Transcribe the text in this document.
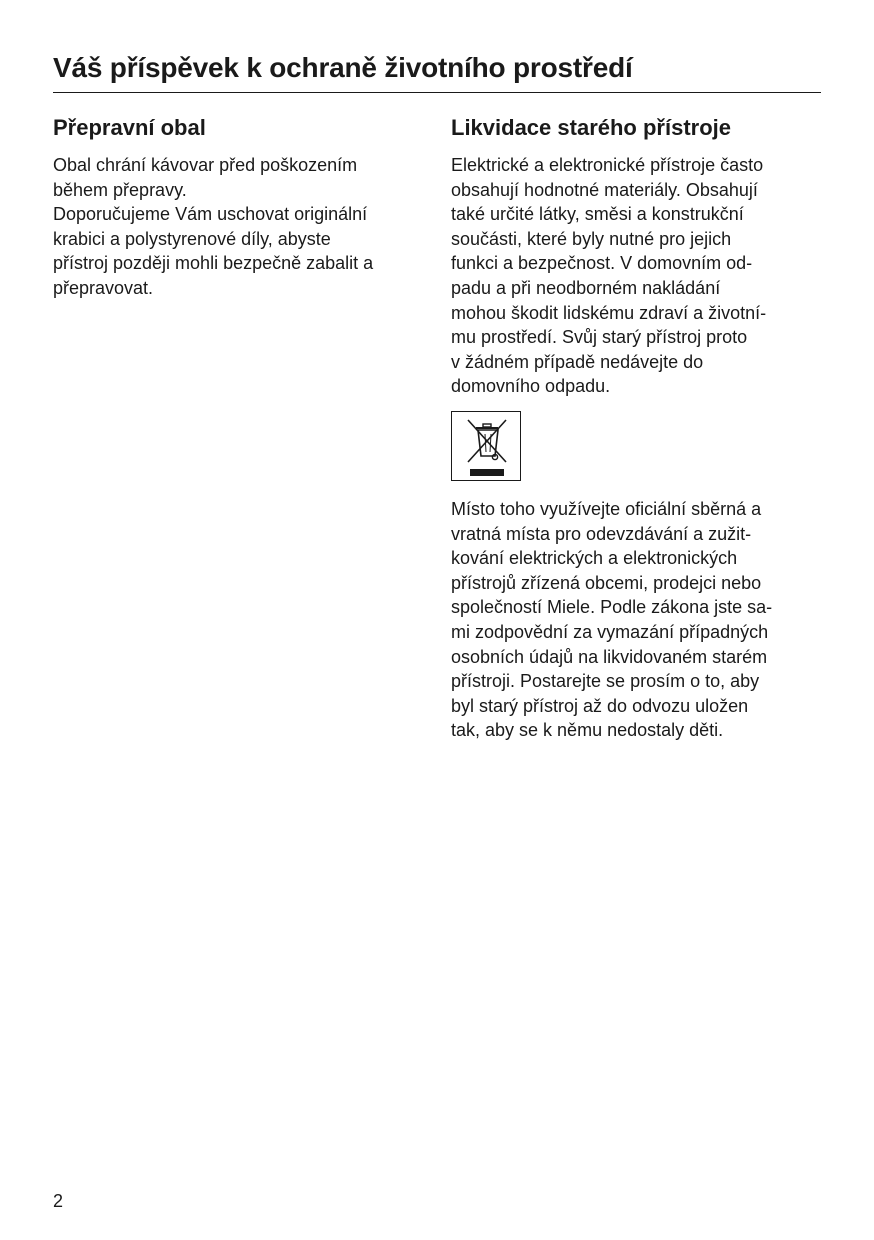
Váš příspěvek k ochraně životního prostředí
Přepravní obal

Obal chrání kávovar před poškozením
během přepravy.
Doporučujeme Vám uschovat originální
krabici a polystyrenové díly, abyste
přístroj později mohli bezpečně zabalit a
přepravovat.

Likvidace starého přístroje

Elektrické a elektronické přístroje často
obsahují hodnotné materiály. Obsahují
také určité látky, směsi a konstrukční
součásti, které byly nutné pro jejich
funkci a bezpečnost. V domovním od-
padu a při neodborném nakládání
mohou škodit lidskému zdraví a životní-
mu prostředí. Svůj starý přístroj proto
v žádném případě nedávejte do
domovního odpadu.

Místo toho využívejte oficiální sběrná a
vratná místa pro odevzdávání a zužit-
kování elektrických a elektronických
přístrojů zřízená obcemi, prodejci nebo
společností Miele. Podle zákona jste sa-
mi zodpovědní za vymazání případných
osobních údajů na likvidovaném starém
přístroji. Postarejte se prosím o to, aby
byl starý přístroj až do odvozu uložen
tak, aby se k němu nedostaly děti.

2
